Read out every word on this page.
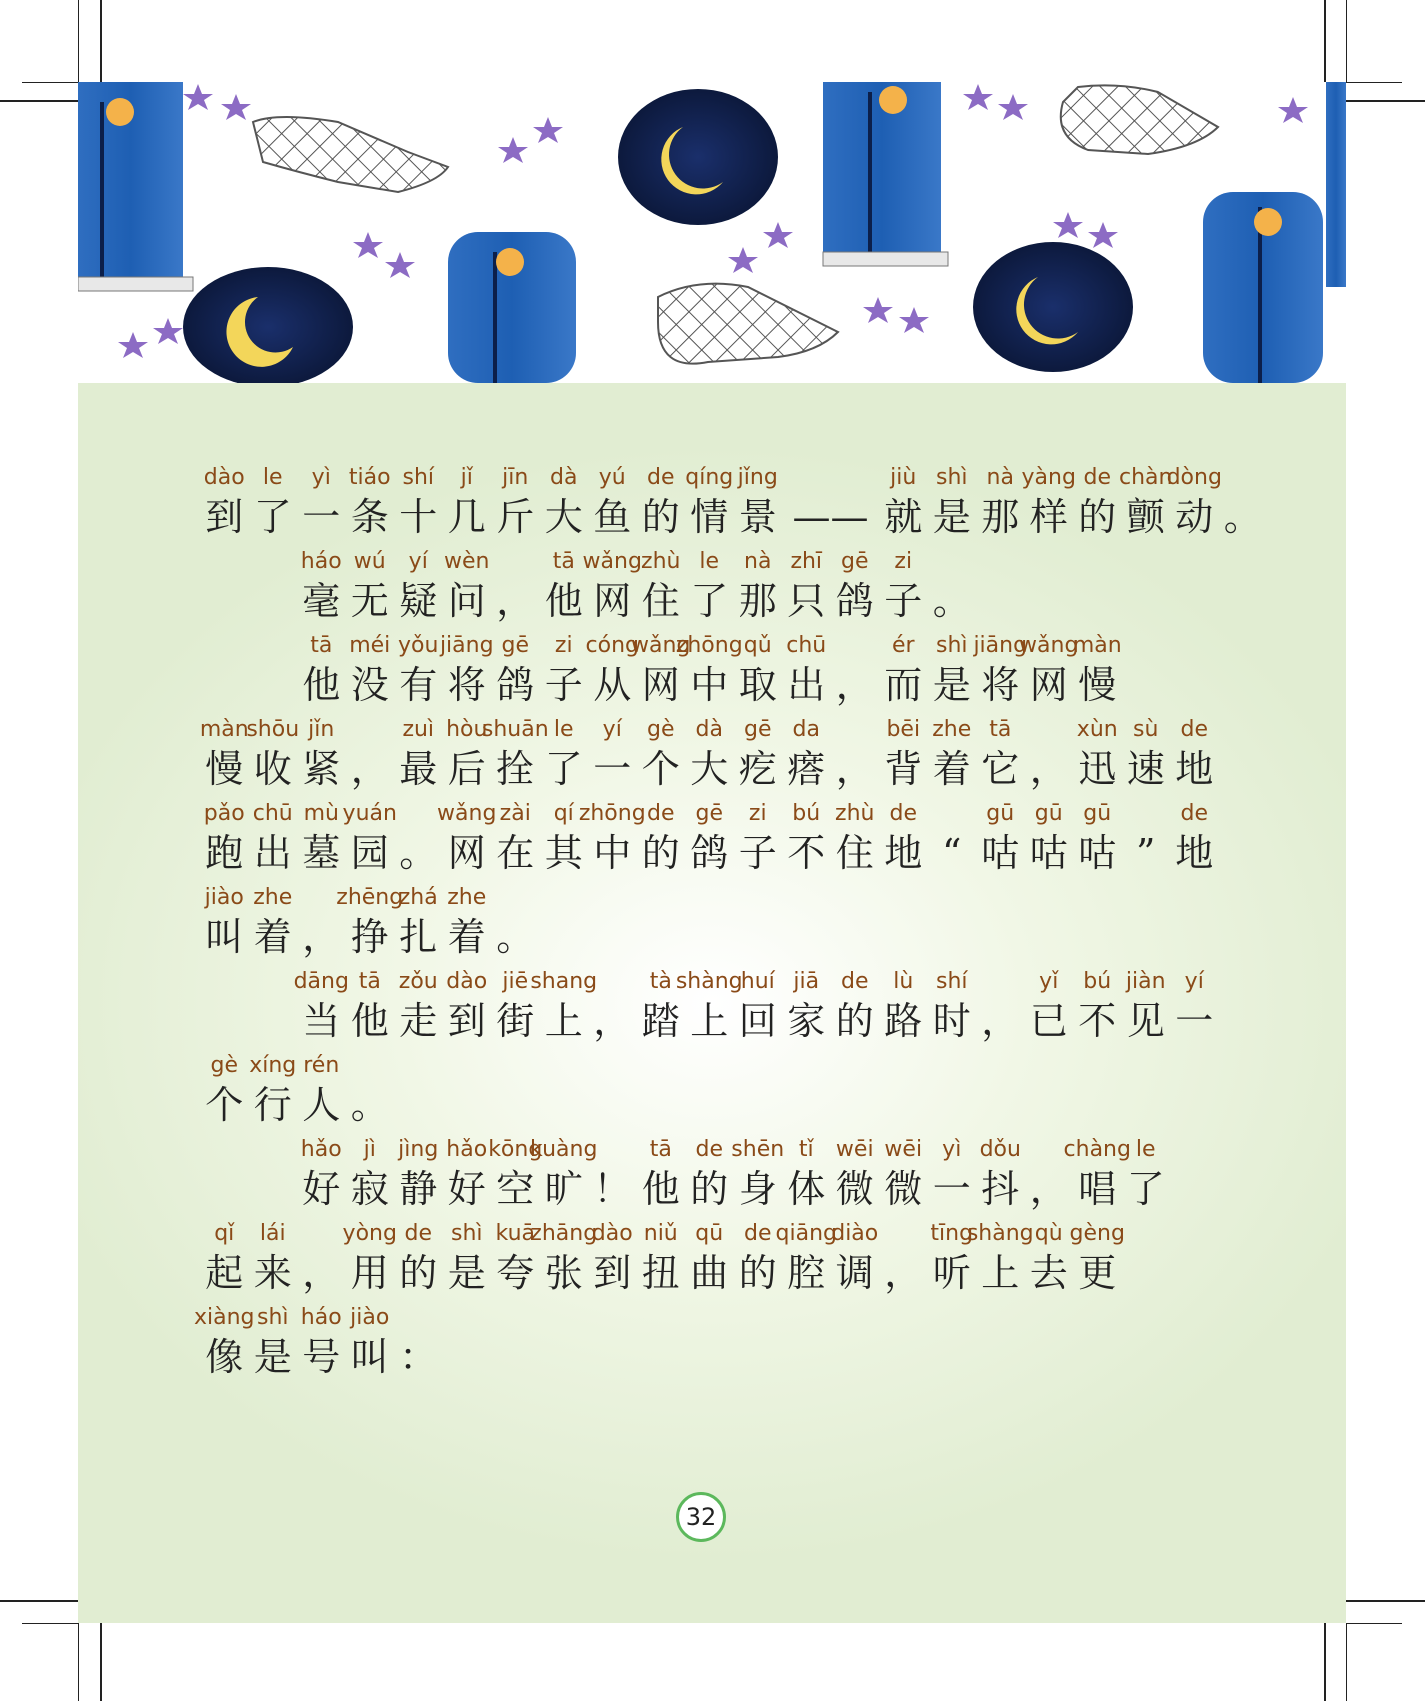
dào
到
le
了
yì
一
tiáo
条
shí
十
jǐ
几
jīn
斤
dà
大
yú
鱼
de
的
qíng
情
jǐng
景 ——
jiù
就
shì
是
nà
那
yàng
样
de
的
chàn
颤
dòng
动 。
háo
毫
wú
无
yí
疑
wèn
问 ，
tā
他
wǎng
网
zhù
住
le
了
nà
那
zhī
只
gē
鸽
zi
子 。
tā
他
méi
没
yǒu
有
jiāng
将
gē
鸽
zi
子
cóng
从
wǎng
网
zhōng
中
qǔ
取
chū
出 ，
ér
而
shì
是
jiāng
将
wǎng
网
màn
慢
màn
慢
shōu
收
jǐn
紧 ，
zuì
最
hòu
后
shuān
拴
le
了
yí
一
gè
个
dà
大
gē
疙
da
瘩 ，
bēi
背
zhe
着
tā
它 ，
xùn
迅
sù
速
de
地
pǎo
跑
chū
出
mù
墓
yuán
园 。
wǎng
网
zài
在
qí
其
zhōng
中
de
的
gē
鸽
zi
子
bú
不
zhù
住
de
地 “
gū
咕
gū
咕
gū
咕 ”
de
地
jiào
叫
zhe
着 ，
zhēng
挣
zhá
扎
zhe
着 。
dāng
当
tā
他
zǒu
走
dào
到
jiē
街
shang
上 ，
tà
踏
shàng
上
huí
回
jiā
家
de
的
lù
路
shí
时 ，
yǐ
已
bú
不
jiàn
见
yí
一
gè
个
xíng
行
rén
人 。
hǎo
好
jì
寂
jìng
静
hǎo
好
kōng
空
kuàng
旷 ！
tā
他
de
的
shēn
身
tǐ
体
wēi
微
wēi
微
yì
一
dǒu
抖 ，
chàng
唱
le
了
qǐ
起
lái
来 ，
yòng
用
de
的
shì
是
kuā
夸
zhāng
张
dào
到
niǔ
扭
qū
曲
de
的
qiāng
腔
diào
调 ，
tīng
听
shàng
上
qù
去
gèng
更
xiàng
像
shì
是
háo
号
jiào
叫 ：
32
